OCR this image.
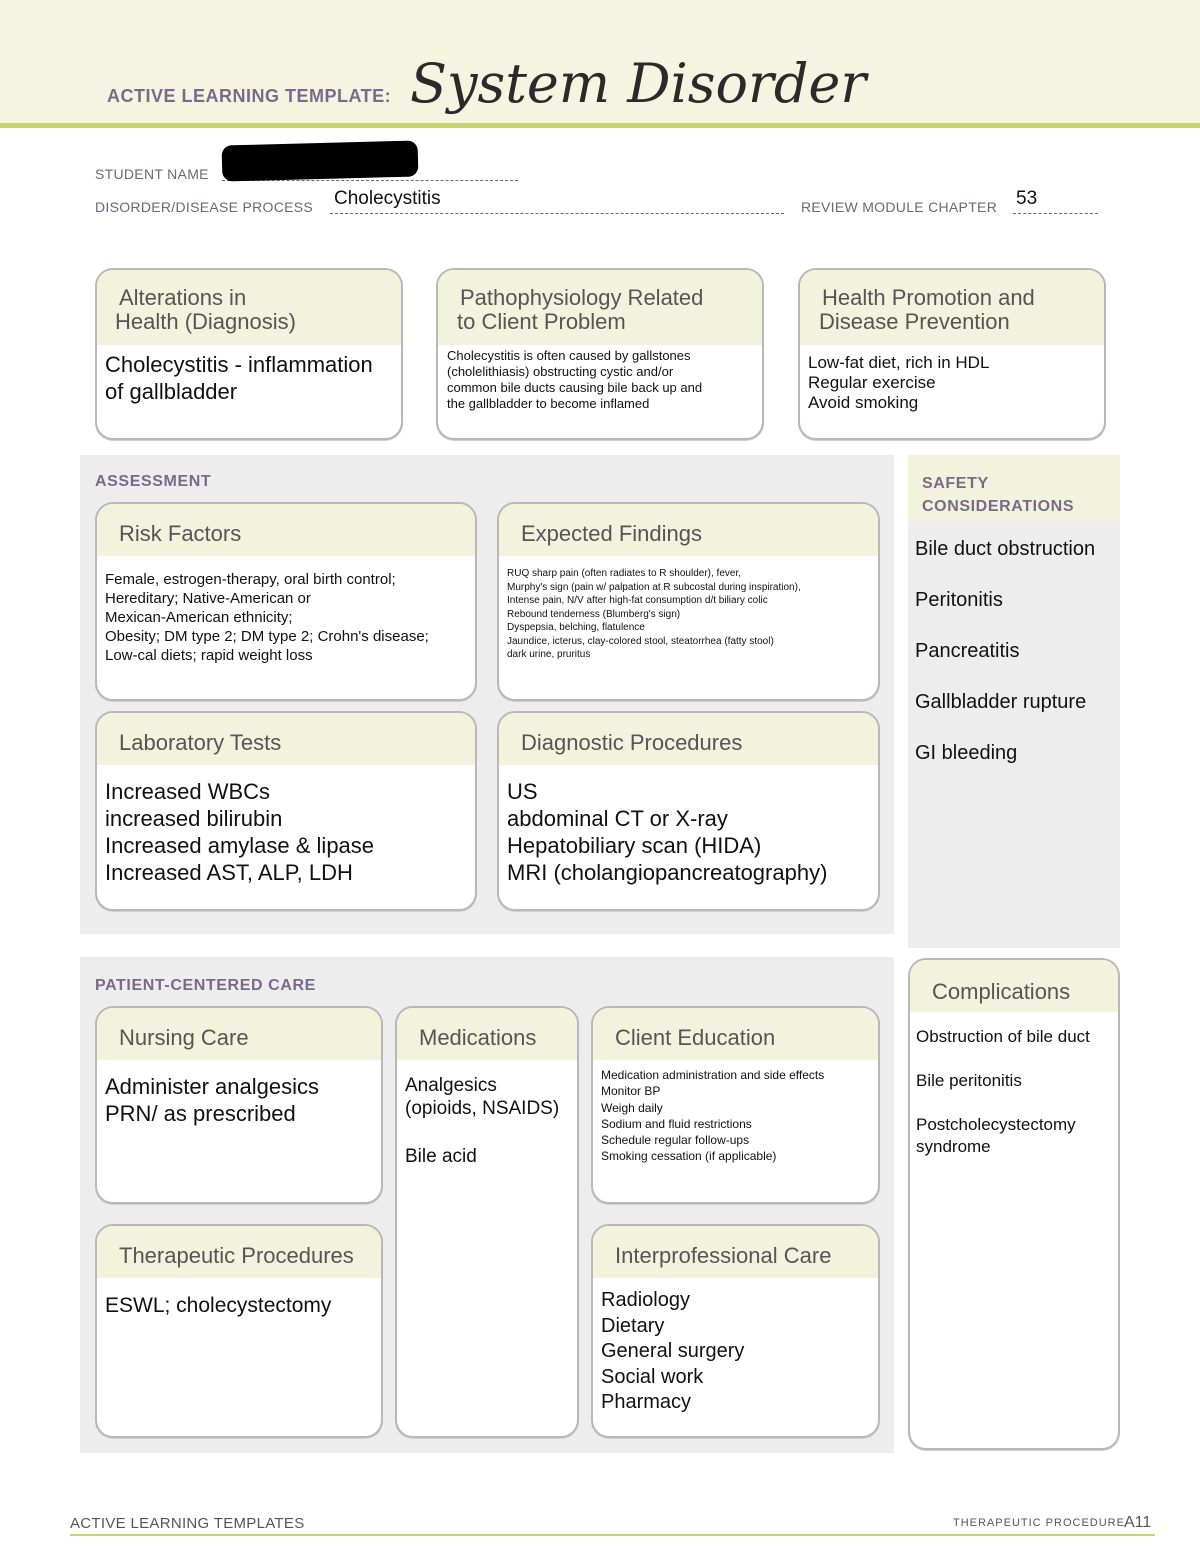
ACTIVE LEARNING TEMPLATE: System Disorder
STUDENT NAME
DISORDER/DISEASE PROCESS Cholecystitis	REVIEW MODULE CHAPTER 53
Alterations in
Health (Diagnosis)
Cholecystitis - inflammation
of gallbladder
Pathophysiology Related
to Client Problem
Cholecystitis is often caused by gallstones
(cholelithiasis) obstructing cystic and/or
common bile ducts causing bile back up and
the gallbladder to become inflamed
Health Promotion and
Disease Prevention
Low-fat diet, rich in HDL
Regular exercise
Avoid smoking
ASSESSMENT
Risk Factors
Female, estrogen-therapy, oral birth control;
Hereditary; Native-American or
Mexican-American ethnicity;
Obesity; DM type 2; DM type 2; Crohn's disease;
Low-cal diets; rapid weight loss
Expected Findings
RUQ sharp pain (often radiates to R shoulder), fever,
Murphy's sign (pain w/ palpation at R subcostal during inspiration),
Intense pain, N/V after high-fat consumption d/t biliary colic
Rebound tenderness (Blumberg's sign)
Dyspepsia, belching, flatulence
Jaundice, icterus, clay-colored stool, steatorrhea (fatty stool)
dark urine, pruritus
Laboratory Tests
Increased WBCs
increased bilirubin
Increased amylase & lipase
Increased AST, ALP, LDH
Diagnostic Procedures
US
abdominal CT or X-ray
Hepatobiliary scan (HIDA)
MRI (cholangiopancreatography)
SAFETY
CONSIDERATIONS
Bile duct obstruction
Peritonitis
Pancreatitis
Gallbladder rupture
GI bleeding
PATIENT-CENTERED CARE
Nursing Care
Administer analgesics
PRN/ as prescribed
Medications
Analgesics
(opioids, NSAIDS)
Bile acid
Client Education
Medication administration and side effects
Monitor BP
Weigh daily
Sodium and fluid restrictions
Schedule regular follow-ups
Smoking cessation (if applicable)
Therapeutic Procedures
ESWL; cholecystectomy
Interprofessional Care
Radiology
Dietary
General surgery
Social work
Pharmacy
Complications
Obstruction of bile duct
Bile peritonitis
Postcholecystectomy syndrome
ACTIVE LEARNING TEMPLATES	THERAPEUTIC PROCEDURE A11
